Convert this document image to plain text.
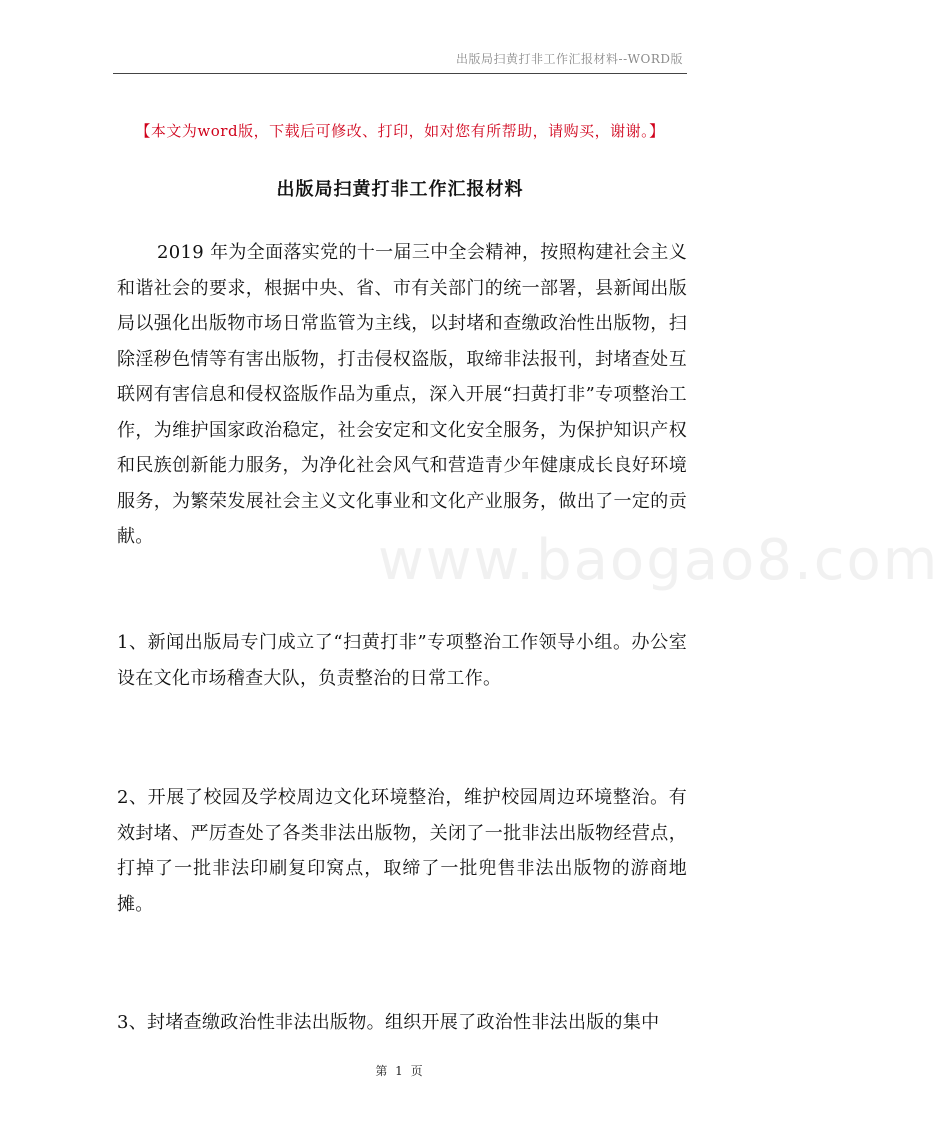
出版局扫黄打非工作汇报材料--WORD版
【本文为word版，下载后可修改、打印，如对您有所帮助，请购买，谢谢。】
出版局扫黄打非工作汇报材料

2019 年为全面落实党的十一届三中全会精神，按照构建社会主义和谐社会的要求，根据中央、省、市有关部门的统一部署，县新闻出版局以强化出版物市场日常监管为主线，以封堵和查缴政治性出版物，扫除淫秽色情等有害出版物，打击侵权盗版，取缔非法报刊，封堵查处互联网有害信息和侵权盗版作品为重点，深入开展“扫黄打非”专项整治工作，为维护国家政治稳定，社会安定和文化安全服务，为保护知识产权和民族创新能力服务，为净化社会风气和营造青少年健康成长良好环境服务，为繁荣发展社会主义文化事业和文化产业服务，做出了一定的贡献。

1、新闻出版局专门成立了“扫黄打非”专项整治工作领导小组。办公室设在文化市场稽查大队，负责整治的日常工作。

2、开展了校园及学校周边文化环境整治，维护校园周边环境整治。有效封堵、严厉查处了各类非法出版物，关闭了一批非法出版物经营点，打掉了一批非法印刷复印窝点，取缔了一批兜售非法出版物的游商地摊。

3、封堵查缴政治性非法出版物。组织开展了政治性非法出版的集中

www.baogao8.com
第 1 页
